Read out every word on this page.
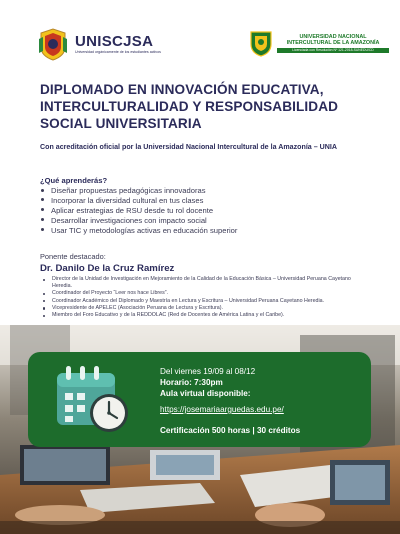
UNISCJSA
Universidad orgánicamente de los estudiantes activos
UNIVERSIDAD NACIONAL
INTERCULTURAL DE LA AMAZONÍA
Licenciada con Resolución Nº 121-2018-SUNEDU/CD
DIPLOMADO EN INNOVACIÓN EDUCATIVA,
INTERCULTURALIDAD Y RESPONSABILIDAD
SOCIAL UNIVERSITARIA
Con acreditación oficial por la Universidad Nacional Intercultural de la Amazonía – UNIA
¿Qué aprenderás?
Diseñar propuestas pedagógicas innovadoras
Incorporar la diversidad cultural en tus clases
Aplicar estrategias de RSU desde tu rol docente
Desarrollar investigaciones con impacto social
Usar TIC y metodologías activas en educación superior
Ponente destacado:
Dr. Danilo De la Cruz Ramírez
Director de la Unidad de Investigación en Mejoramiento de la Calidad de la Educación Básica – Universidad Peruana Cayetano Heredia.
Coordinador del Proyecto “Leer nos hace Libres”.
Coordinador Académico del Diplomado y Maestría en Lectura y Escritura – Universidad Peruana Cayetano Heredia.
Vicepresidente de APELEC (Asociación Peruana de Lectura y Escritura).
Miembro del Foro Educativo y de la REDDOLAC (Red de Docentes de América Latina y el Caribe).
Del viernes 19/09 al 08/12
Horario: 7:30pm
Aula virtual disponible:
https://josemariaarguedas.edu.pe/
Certificación 500 horas | 30 créditos
